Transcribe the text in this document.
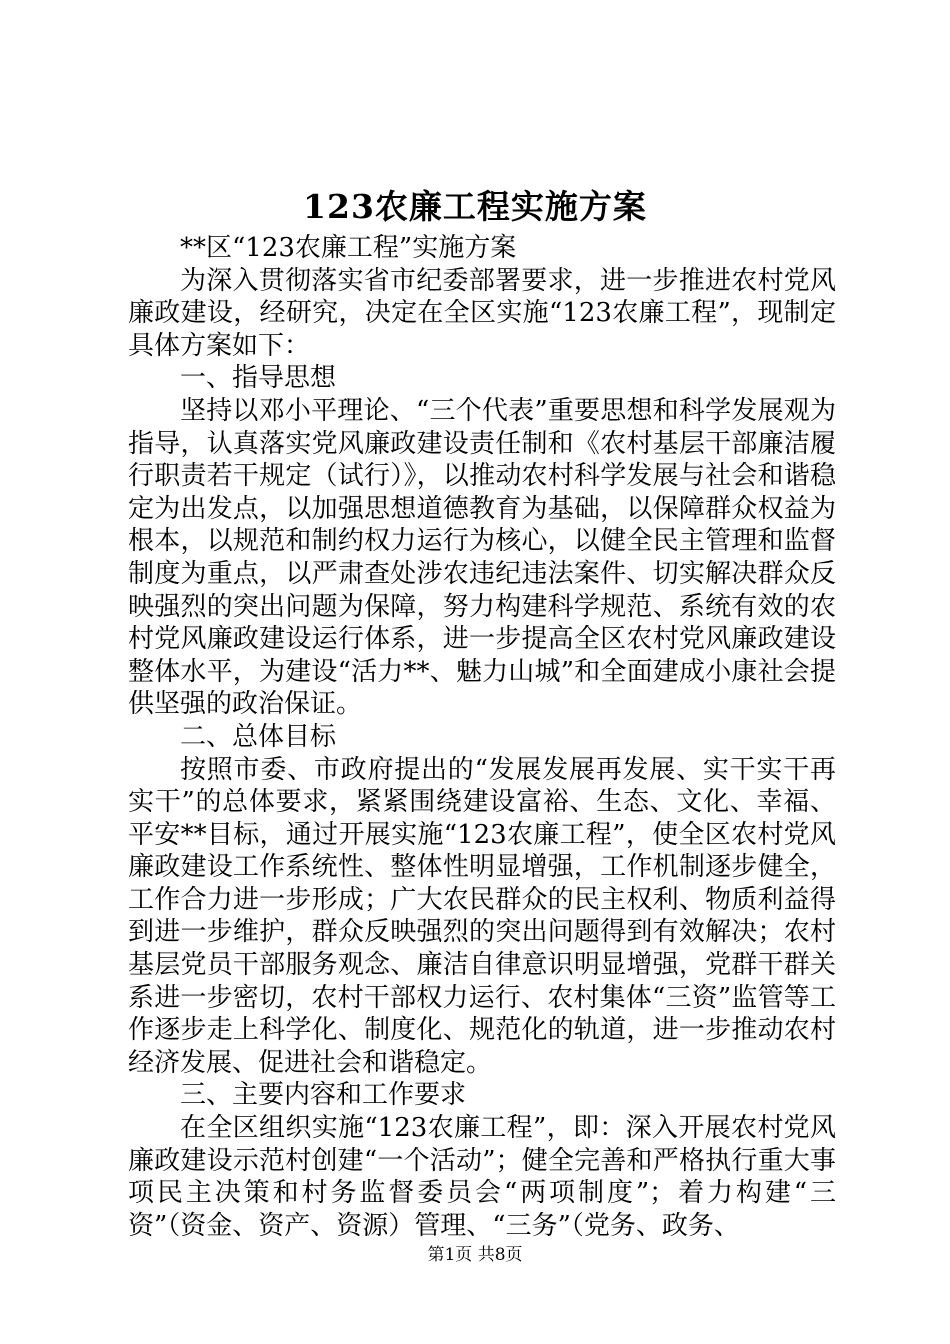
123农廉工程实施方案

**区“123农廉工程”实施方案

为深入贯彻落实省市纪委部署要求，进一步推进农村党风廉政建设，经研究，决定在全区实施“123农廉工程”，现制定具体方案如下：

一、指导思想

坚持以邓小平理论、“三个代表”重要思想和科学发展观为指导，认真落实党风廉政建设责任制和《农村基层干部廉洁履行职责若干规定（试行）》，以推动农村科学发展与社会和谐稳定为出发点，以加强思想道德教育为基础，以保障群众权益为根本，以规范和制约权力运行为核心，以健全民主管理和监督制度为重点，以严肃查处涉农违纪违法案件、切实解决群众反映强烈的突出问题为保障，努力构建科学规范、系统有效的农村党风廉政建设运行体系，进一步提高全区农村党风廉政建设整体水平，为建设“活力**、魅力山城”和全面建成小康社会提供坚强的政治保证。

二、总体目标

按照市委、市政府提出的“发展发展再发展、实干实干再实干”的总体要求，紧紧围绕建设富裕、生态、文化、幸福、平安**目标，通过开展实施“123农廉工程”，使全区农村党风廉政建设工作系统性、整体性明显增强，工作机制逐步健全，工作合力进一步形成；广大农民群众的民主权利、物质利益得到进一步维护，群众反映强烈的突出问题得到有效解决；农村基层党员干部服务观念、廉洁自律意识明显增强，党群干群关系进一步密切，农村干部权力运行、农村集体“三资”监管等工作逐步走上科学化、制度化、规范化的轨道，进一步推动农村经济发展、促进社会和谐稳定。

三、主要内容和工作要求

在全区组织实施“123农廉工程”，即：深入开展农村党风廉政建设示范村创建“一个活动”；健全完善和严格执行重大事项民主决策和村务监督委员会“两项制度”；着力构建“三资”（资金、资产、资源）管理、“三务”（党务、政务、

第1页 共8页
